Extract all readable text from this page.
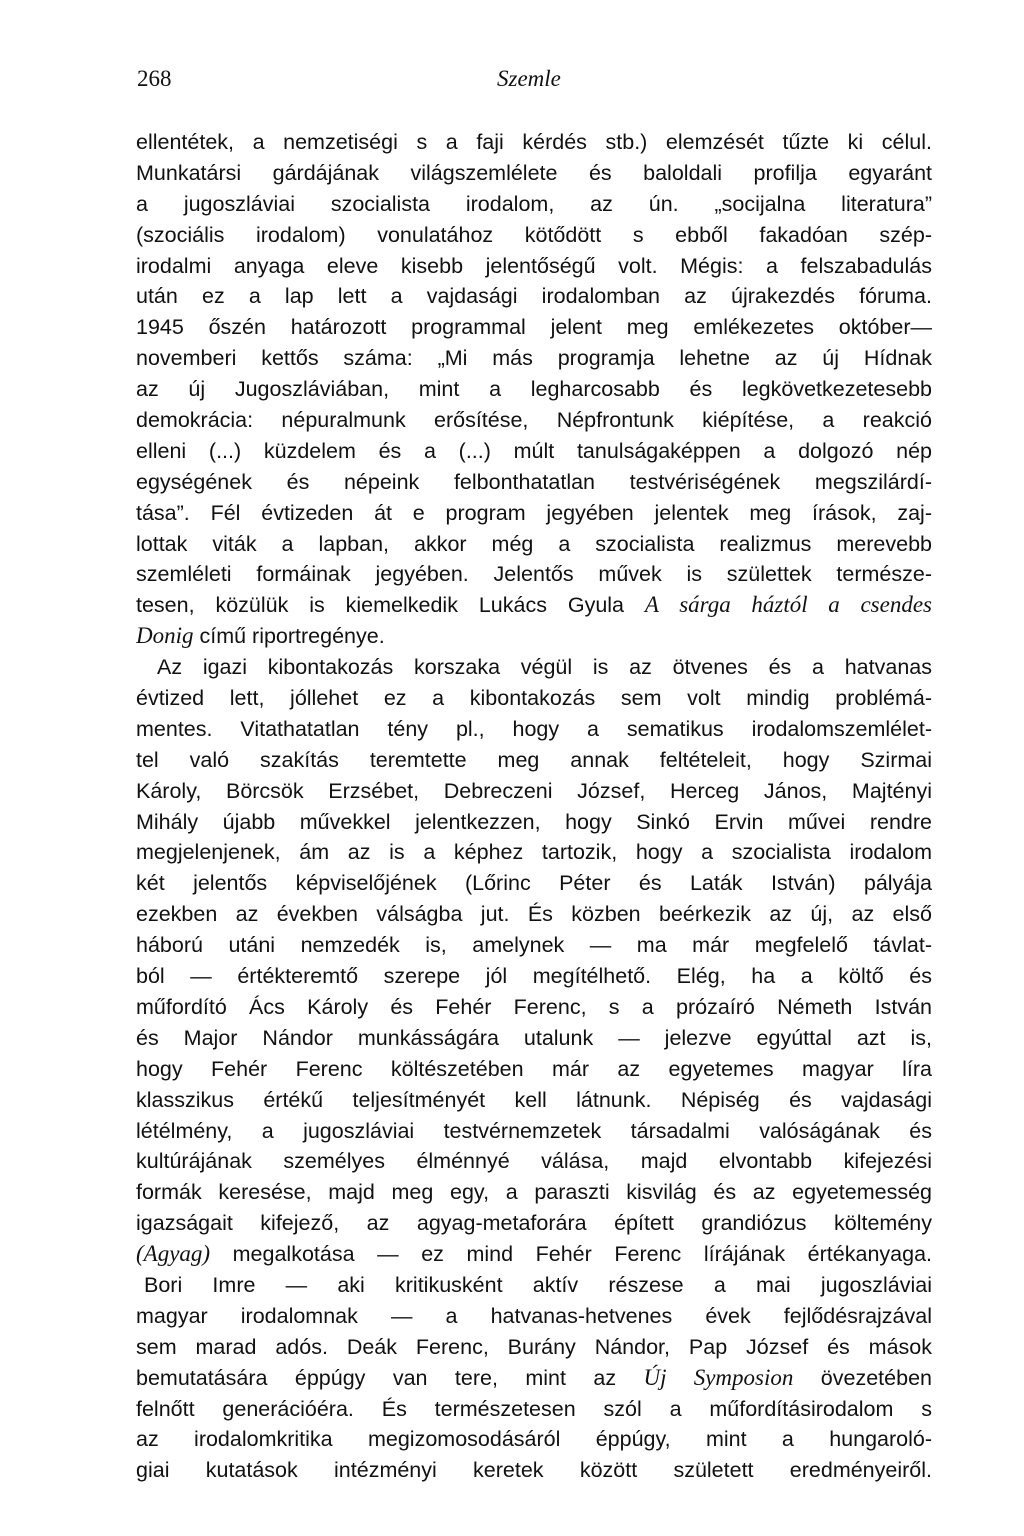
268	Szemle
ellentétek, a nemzetiségi s a faji kérdés stb.) elemzését tűzte ki célul.
Munkatársi gárdájának világszemlélete és baloldali profilja egyaránt
a jugoszláviai szocialista irodalom, az ún. „socijalna literatura”
(szociális irodalom) vonulatához kötődött s ebből fakadóan szép-
irodalmi anyaga eleve kisebb jelentőségű volt. Mégis: a felszabadulás
után ez a lap lett a vajdasági irodalomban az újrakezdés fóruma.
1945 őszén határozott programmal jelent meg emlékezetes október—
novemberi kettős száma: „Mi más programja lehetne az új Hídnak
az új Jugoszláviában, mint a legharcosabb és legkövetkezetesebb
demokrácia: népuralmunk erősítése, Népfrontunk kiépítése, a reakció
elleni (...) küzdelem és a (...) múlt tanulságaképpen a dolgozó nép
egységének és népeink felbonthatatlan testvériségének megszilárdí-
tása”. Fél évtizeden át e program jegyében jelentek meg írások, zaj-
lottak viták a lapban, akkor még a szocialista realizmus merevebb
szemléleti formáinak jegyében. Jelentős művek is születtek természe-
tesen, közülük is kiemelkedik Lukács Gyula A sárga háztól a csendes
Donig című riportregénye.
Az igazi kibontakozás korszaka végül is az ötvenes és a hatvanas
évtized lett, jóllehet ez a kibontakozás sem volt mindig problémá-
mentes. Vitathatatlan tény pl., hogy a sematikus irodalomszemlélet-
tel való szakítás teremtette meg annak feltételeit, hogy Szirmai
Károly, Börcsök Erzsébet, Debreczeni József, Herceg János, Majtényi
Mihály újabb művekkel jelentkezzen, hogy Sinkó Ervin művei rendre
megjelenjenek, ám az is a képhez tartozik, hogy a szocialista irodalom
két jelentős képviselőjének (Lőrinc Péter és Laták István) pályája
ezekben az években válságba jut. És közben beérkezik az új, az első
háború utáni nemzedék is, amelynek — ma már megfelelő távlat-
ból — értékteremtő szerepe jól megítélhető. Elég, ha a költő és
műfordító Ács Károly és Fehér Ferenc, s a prózaíró Németh István
és Major Nándor munkásságára utalunk — jelezve egyúttal azt is,
hogy Fehér Ferenc költészetében már az egyetemes magyar líra
klasszikus értékű teljesítményét kell látnunk. Népiség és vajdasági
létélmény, a jugoszláviai testvérnemzetek társadalmi valóságának és
kultúrájának személyes élménnyé válása, majd elvontabb kifejezési
formák keresése, majd meg egy, a paraszti kisvilág és az egyetemesség
igazságait kifejező, az agyag-metaforára épített grandiózus költemény
(Agyag) megalkotása — ez mind Fehér Ferenc lírájának értékanyaga.
Bori Imre — aki kritikusként aktív részese a mai jugoszláviai
magyar irodalomnak — a hatvanas-hetvenes évek fejlődésrajzával
sem marad adós. Deák Ferenc, Burány Nándor, Pap József és mások
bemutatására éppúgy van tere, mint az Új Symposion övezetében
felnőtt generációéra. És természetesen szól a műfordításirodalom s
az irodalomkritika megizomosodásáról éppúgy, mint a hungaroló-
giai kutatások intézményi keretek között született eredményeiről.
